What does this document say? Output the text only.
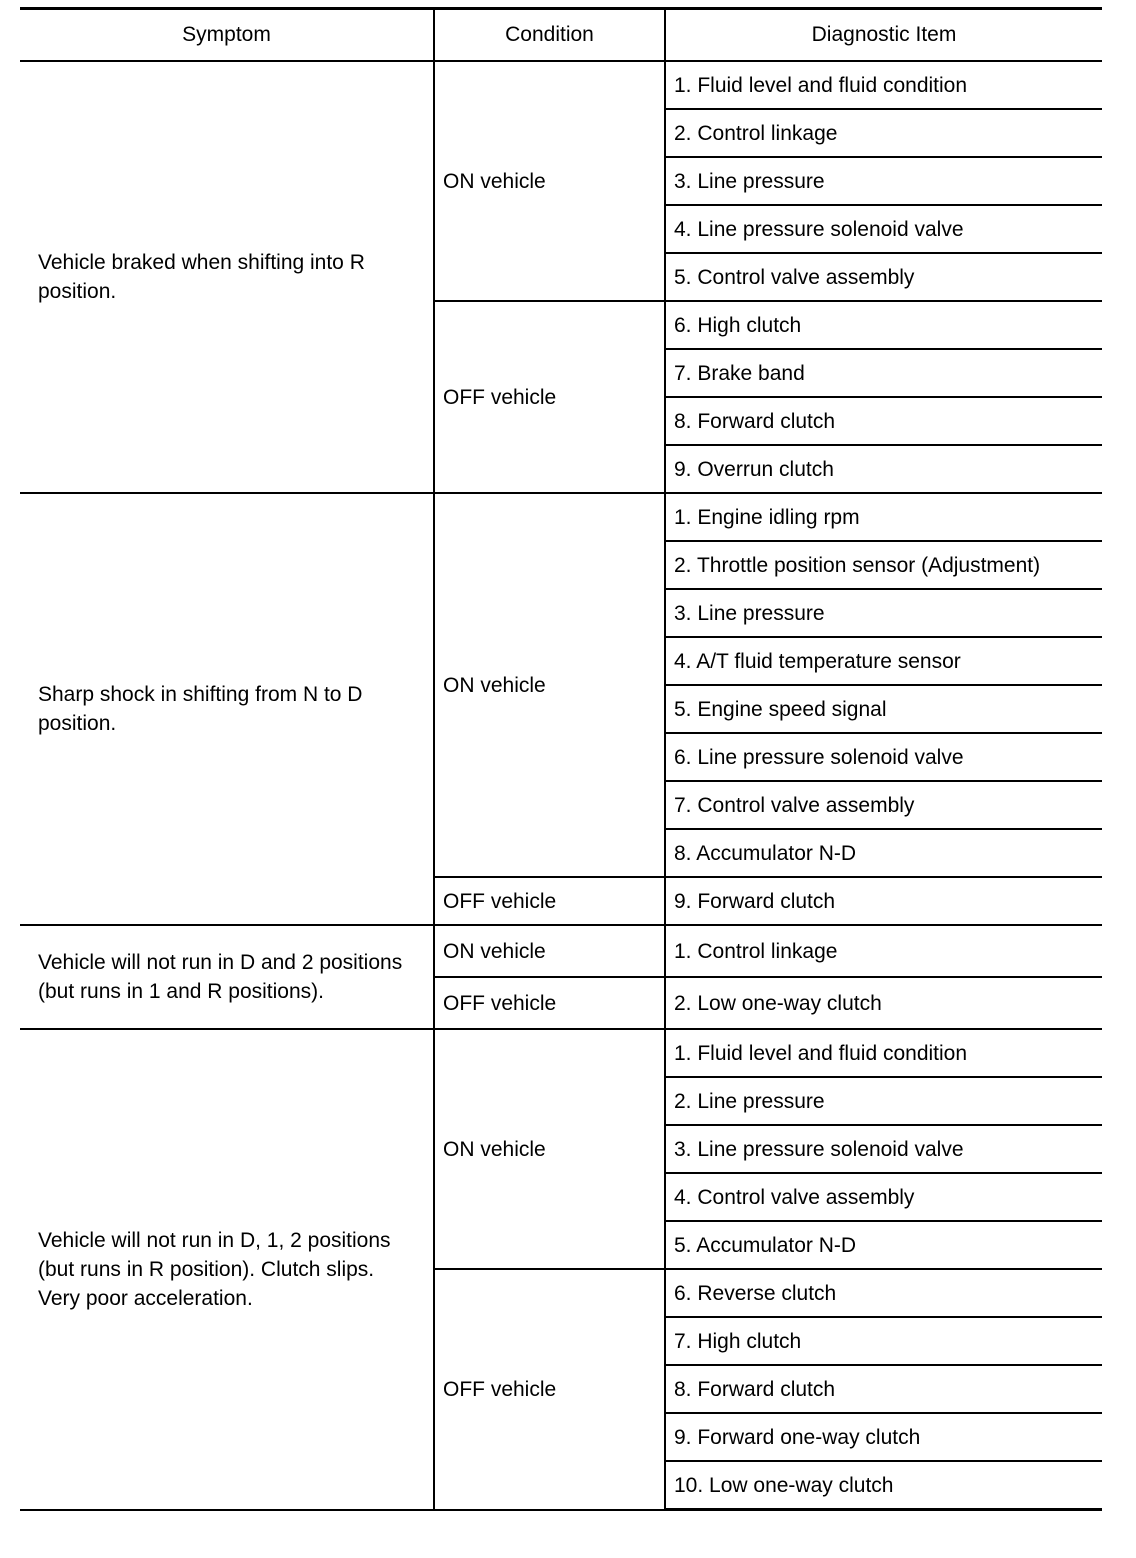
Symptom	Condition	Diagnostic Item
Vehicle braked when shifting into R position.	ON vehicle	1. Fluid level and fluid condition
		2. Control linkage
		3. Line pressure
		4. Line pressure solenoid valve
		5. Control valve assembly
	OFF vehicle	6. High clutch
		7. Brake band
		8. Forward clutch
		9. Overrun clutch
Sharp shock in shifting from N to D position.	ON vehicle	1. Engine idling rpm
		2. Throttle position sensor (Adjustment)
		3. Line pressure
		4. A/T fluid temperature sensor
		5. Engine speed signal
		6. Line pressure solenoid valve
		7. Control valve assembly
		8. Accumulator N-D
	OFF vehicle	9. Forward clutch
Vehicle will not run in D and 2 positions (but runs in 1 and R positions).	ON vehicle	1. Control linkage
	OFF vehicle	2. Low one-way clutch
Vehicle will not run in D, 1, 2 positions (but runs in R position). Clutch slips. Very poor acceleration.	ON vehicle	1. Fluid level and fluid condition
		2. Line pressure
		3. Line pressure solenoid valve
		4. Control valve assembly
		5. Accumulator N-D
	OFF vehicle	6. Reverse clutch
		7. High clutch
		8. Forward clutch
		9. Forward one-way clutch
		10. Low one-way clutch
